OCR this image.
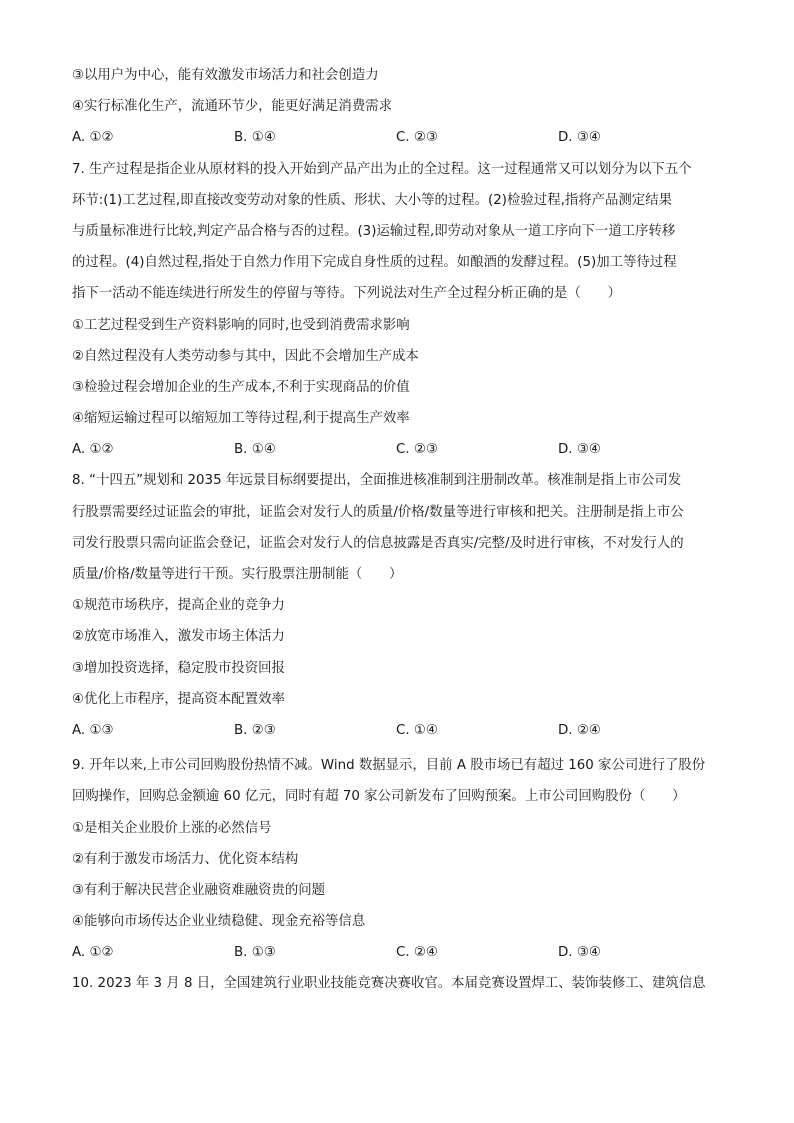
③以用户为中心，能有效激发市场活力和社会创造力
④实行标准化生产，流通环节少，能更好满足消费需求
A. ①②	B. ①④	C. ②③	D. ③④
7. 生产过程是指企业从原材料的投入开始到产品产出为止的全过程。这一过程通常又可以划分为以下五个
环节:(1)工艺过程,即直接改变劳动对象的性质、形状、大小等的过程。(2)检验过程,指将产品测定结果
与质量标准进行比较,判定产品合格与否的过程。(3)运输过程,即劳动对象从一道工序向下一道工序转移
的过程。(4)自然过程,指处于自然力作用下完成自身性质的过程。如酿酒的发酵过程。(5)加工等待过程
指下一活动不能连续进行所发生的停留与等待。下列说法对生产全过程分析正确的是（　　）
①工艺过程受到生产资料影响的同时,也受到消费需求影响
②自然过程没有人类劳动参与其中，因此不会增加生产成本
③检验过程会增加企业的生产成本,不利于实现商品的价值
④缩短运输过程可以缩短加工等待过程,利于提高生产效率
A. ①②	B. ①④	C. ②③	D. ③④
8. “十四五”规划和 2035 年远景目标纲要提出，全面推进核准制到注册制改革。核准制是指上市公司发
行股票需要经过证监会的审批，证监会对发行人的质量/价格/数量等进行审核和把关。注册制是指上市公
司发行股票只需向证监会登记，证监会对发行人的信息披露是否真实/完整/及时进行审核，不对发行人的
质量/价格/数量等进行干预。实行股票注册制能（　　）
①规范市场秩序，提高企业的竞争力
②放宽市场准入，激发市场主体活力
③增加投资选择，稳定股市投资回报
④优化上市程序，提高资本配置效率
A. ①③	B. ②③	C. ①④	D. ②④
9. 开年以来,上市公司回购股份热情不减。Wind 数据显示，目前 A 股市场已有超过 160 家公司进行了股份
回购操作，回购总金额逾 60 亿元，同时有超 70 家公司新发布了回购预案。上市公司回购股份（　　）
①是相关企业股价上涨的必然信号
②有利于激发市场活力、优化资本结构
③有利于解决民营企业融资难融资贵的问题
④能够向市场传达企业业绩稳健、现金充裕等信息
A. ①②	B. ①③	C. ②④	D. ③④
10. 2023 年 3 月 8 日，全国建筑行业职业技能竞赛决赛收官。本届竞赛设置焊工、装饰装修工、建筑信息
